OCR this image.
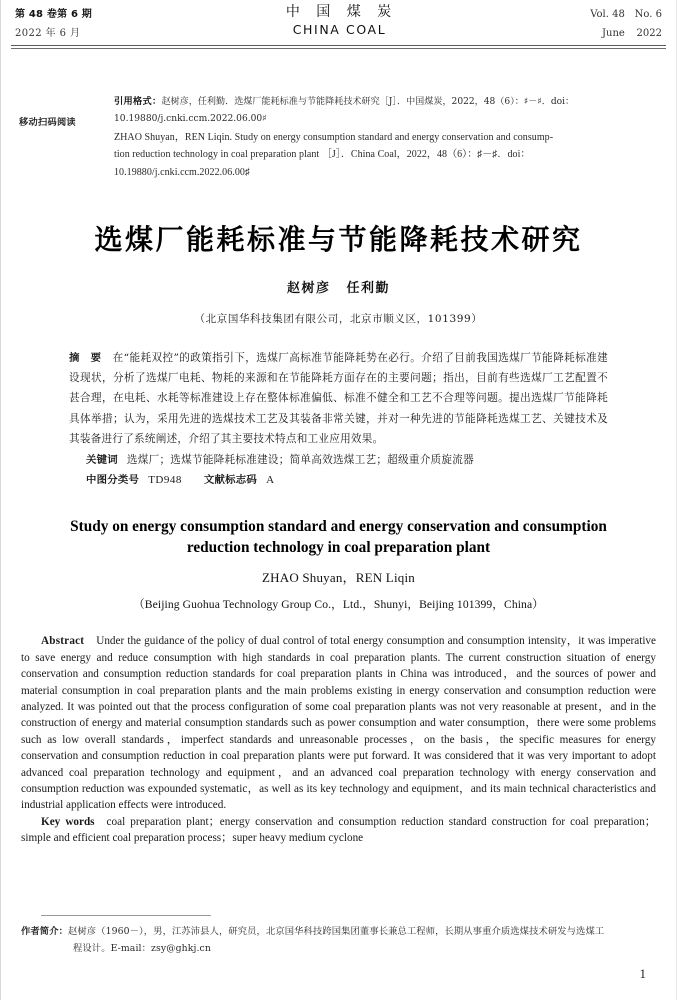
第 48 卷第 6 期
2022 年 6 月
中 国 煤 炭
CHINA COAL
Vol. 48 No. 6
June 2022
移动扫码阅读
引用格式：赵树彦，任利勤．选煤厂能耗标准与节能降耗技术研究［J］．中国煤炭，2022，48（6）：♯－♯．doi：
10.19880/j.cnki.ccm.2022.06.00♯
ZHAO Shuyan，REN Liqin. Study on energy consumption standard and energy conservation and consump-
tion reduction technology in coal preparation plant ［J］．China Coal，2022，48（6）：♯－♯．doi：
10.19880/j.cnki.ccm.2022.06.00♯
选煤厂能耗标准与节能降耗技术研究
赵树彦 任利勤
（北京国华科技集团有限公司，北京市顺义区，101399）
摘　要 在“能耗双控”的政策指引下，选煤厂高标准节能降耗势在必行。介绍了目前我国选煤厂节能降耗标准建设现状，分析了选煤厂电耗、物耗的来源和在节能降耗方面存在的主要问题；指出，目前有些选煤厂工艺配置不甚合理，在电耗、水耗等标准建设上存在整体标准偏低、标准不健全和工艺不合理等问题。提出选煤厂节能降耗具体举措；认为，采用先进的选煤技术工艺及其装备非常关键，并对一种先进的节能降耗选煤工艺、关键技术及其装备进行了系统阐述，介绍了其主要技术特点和工业应用效果。
关键词 选煤厂；选煤节能降耗标准建设；简单高效选煤工艺；超级重介质旋流器
中图分类号 TD948 文献标志码 A
Study on energy consumption standard and energy conservation and consumption
reduction technology in coal preparation plant
ZHAO Shuyan，REN Liqin
（Beijing Guohua Technology Group Co.，Ltd.，Shunyi，Beijing 101399，China）
Abstract Under the guidance of the policy of dual control of total energy consumption and consumption intensity，it was imperative to save energy and reduce consumption with high standards in coal preparation plants. The current construction situation of energy conservation and consumption reduction standards for coal preparation plants in China was introduced，and the sources of power and material consumption in coal preparation plants and the main problems existing in energy conservation and consumption reduction were analyzed. It was pointed out that the process configuration of some coal preparation plants was not very reasonable at present，and in the construction of energy and material consumption standards such as power consumption and water consumption，there were some problems such as low overall standards，imperfect standards and unreasonable processes，on the basis，the specific measures for energy conservation and consumption reduction in coal preparation plants were put forward. It was considered that it was very important to adopt advanced coal preparation technology and equipment，and an advanced coal preparation technology with energy conservation and consumption reduction was expounded systematic，as well as its key technology and equipment，and its main technical characteristics and industrial application effects were introduced.
Key words coal preparation plant；energy conservation and consumption reduction standard construction for coal preparation；simple and efficient coal preparation process；super heavy medium cyclone
作者简介：赵树彦（1960－），男，江苏沛县人，研究员，北京国华科技跨国集团董事长兼总工程师，长期从事重介质选煤技术研发与选煤工
程设计。E-mail：zsy@ghkj.cn
1
